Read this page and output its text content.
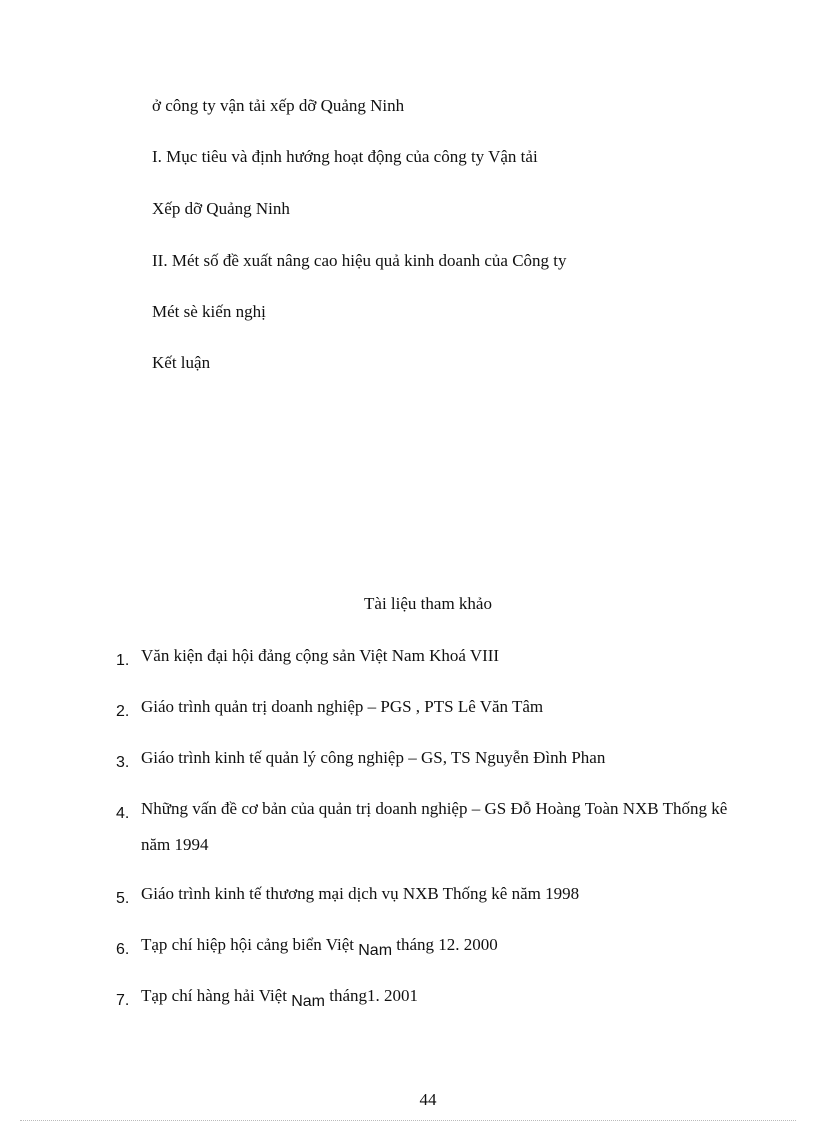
ở công ty vận tải xếp dỡ Quảng Ninh
I. Mục tiêu và định hướng hoạt động của công ty Vận tải
Xếp dỡ Quảng Ninh
II. Mét số đề xuất nâng cao hiệu quả kinh doanh của Công ty
Mét sè kiến nghị
Kết luận
Tài liệu tham khảo
1. Văn kiện đại hội đảng cộng sản Việt Nam Khoá VIII
2. Giáo trình quản trị doanh nghiệp – PGS , PTS Lê Văn Tâm
3. Giáo trình kinh tế quản lý công nghiệp – GS, TS Nguyễn Đình Phan
4. Những vấn đề cơ bản của quản trị doanh nghiệp – GS Đỗ Hoàng Toàn NXB Thống kê năm 1994
5. Giáo trình kinh tế thương mại dịch vụ NXB Thống kê năm 1998
6. Tạp chí hiệp hội cảng biển Việt Nam tháng 12. 2000
7. Tạp chí hàng hải Việt Nam tháng1. 2001
44
